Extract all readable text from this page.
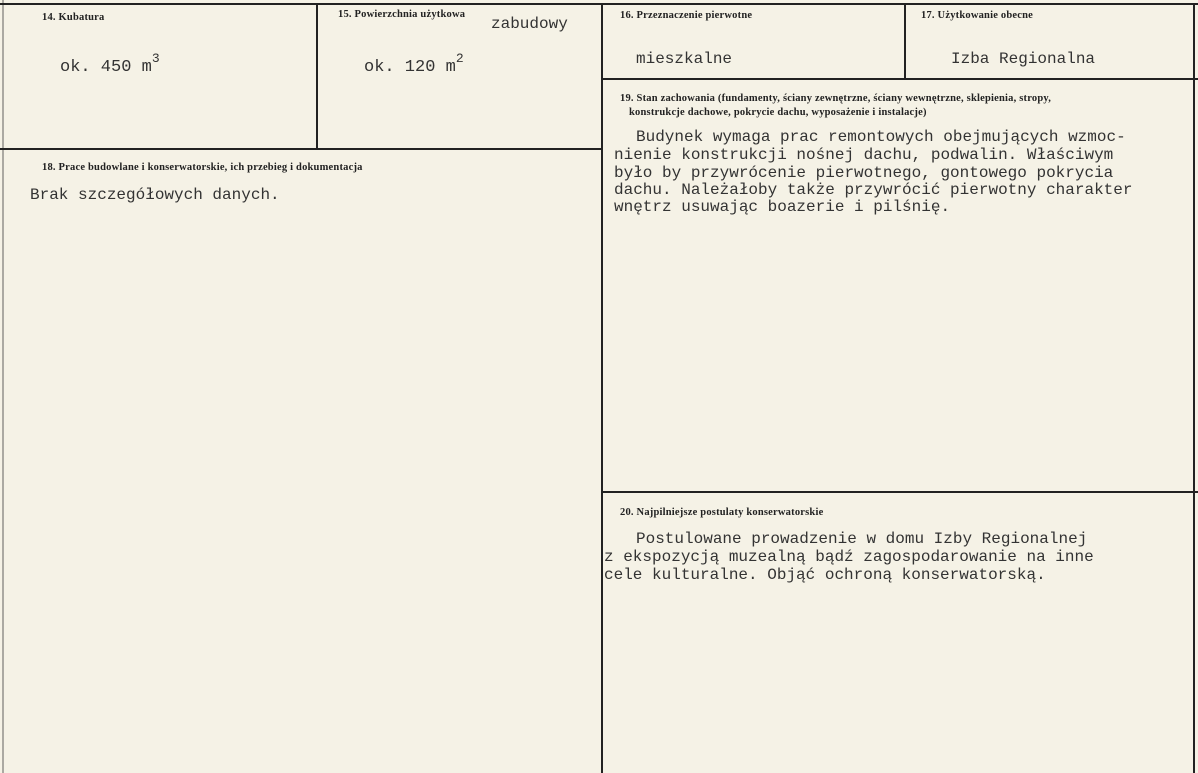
14. Kubatura
ok. 450 $m^3$
15. Powierzchnia użytkowa
zabudowy
ok. 120 $m^2$
16. Przeznaczenie pierwotne
mieszkalne
17. Użytkowanie obecne
Izba Regionalna
18. Prace budowlane i konserwatorskie, ich przebieg i dokumentacja
Brak szczegółowych danych.
19. Stan zachowania (fundamenty, ściany zewnętrzne, ściany wewnętrzne, sklepienia, stropy,
konstrukcje dachowe, pokrycie dachu, wyposażenie i instalacje)
Budynek wymaga prac remontowych obejmujących wzmoc-
nienie konstrukcji nośnej dachu, podwalin. Właściwym
było by przywrócenie pierwotnego, gontowego pokrycia
dachu. Należałoby także przywrócić pierwotny charakter
wnętrz usuwając boazerie i pilśnię.
20. Najpilniejsze postulaty konserwatorskie
Postulowane prowadzenie w domu Izby Regionalnej
z ekspozycją muzealną bądź zagospodarowanie na inne
cele kulturalne. Objąć ochroną konserwatorską.
